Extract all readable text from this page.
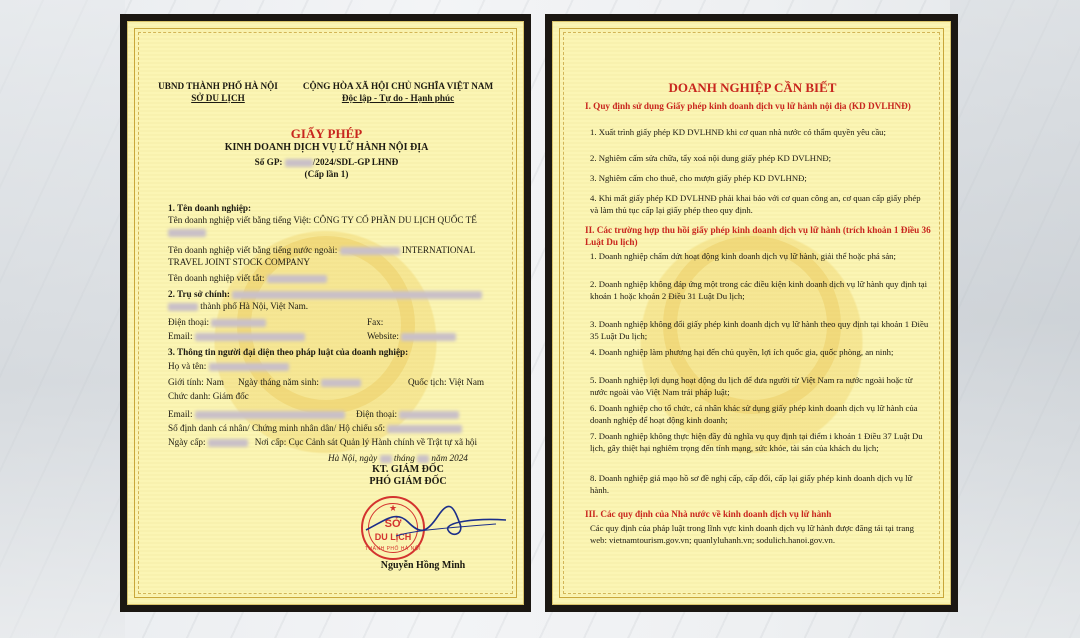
UBND THÀNH PHỐ HÀ NỘI
SỞ DU LỊCH
CỘNG HÒA XÃ HỘI CHỦ NGHĨA VIỆT NAM
Độc lập - Tự do - Hạnh phúc
GIẤY PHÉP
KINH DOANH DỊCH VỤ LỮ HÀNH NỘI ĐỊA
Số GP:	/2024/SDL-GP LHNĐ
(Cấp lần 1)
1. Tên doanh nghiệp:
Tên doanh nghiệp viết bằng tiếng Việt: CÔNG TY CỔ PHẦN DU LỊCH QUỐC TẾ
Tên doanh nghiệp viết bằng tiếng nước ngoài:	INTERNATIONAL
TRAVEL JOINT STOCK COMPANY
Tên doanh nghiệp viết tắt:
2. Trụ sở chính:
thành phố Hà Nội, Việt Nam.
Điện thoại:	Fax:
Email:	Website:
3. Thông tin người đại diện theo pháp luật của doanh nghiệp:
Họ và tên:
Giới tính: Nam Ngày tháng năm sinh:	Quốc tịch: Việt Nam
Chức danh: Giám đốc
Email:	Điện thoại:
Số định danh cá nhân/ Chứng minh nhân dân/ Hộ chiếu số:
Ngày cấp:	Nơi cấp: Cục Cảnh sát Quản lý Hành chính về Trật tự xã hội
Hà Nội, ngày tháng năm 2024
KT. GIÁM ĐỐC
PHÓ GIÁM ĐỐC
★
SỞ
DU LỊCH
THÀNH PHỐ HÀ NỘI
Nguyễn Hồng Minh
DOANH NGHIỆP CẦN BIẾT
I. Quy định sử dụng Giấy phép kinh doanh dịch vụ lữ hành nội địa (KD DVLHNĐ)
1. Xuất trình giấy phép KD DVLHNĐ khi cơ quan nhà nước có thẩm quyền yêu cầu;
2. Nghiêm cấm sửa chữa, tẩy xoá nội dung giấy phép KD DVLHNĐ;
3. Nghiêm cấm cho thuê, cho mượn giấy phép KD DVLHNĐ;
4. Khi mất giấy phép KD DVLHNĐ phải khai báo với cơ quan công an, cơ quan cấp giấy phép và làm thủ tục cấp lại giấy phép theo quy định.
II. Các trường hợp thu hồi giấy phép kinh doanh dịch vụ lữ hành (trích khoản 1 Điều 36 Luật Du lịch)
1. Doanh nghiệp chấm dứt hoạt động kinh doanh dịch vụ lữ hành, giải thể hoặc phá sản;
2. Doanh nghiệp không đáp ứng một trong các điều kiện kinh doanh dịch vụ lữ hành quy định tại khoản 1 hoặc khoản 2 Điều 31 Luật Du lịch;
3. Doanh nghiệp không đổi giấy phép kinh doanh dịch vụ lữ hành theo quy định tại khoản 1 Điều 35 Luật Du lịch;
4. Doanh nghiệp làm phương hại đến chủ quyền, lợi ích quốc gia, quốc phòng, an ninh;
5. Doanh nghiệp lợi dụng hoạt động du lịch để đưa người từ Việt Nam ra nước ngoài hoặc từ nước ngoài vào Việt Nam trái pháp luật;
6. Doanh nghiệp cho tổ chức, cá nhân khác sử dụng giấy phép kinh doanh dịch vụ lữ hành của doanh nghiệp để hoạt động kinh doanh;
7. Doanh nghiệp không thực hiện đầy đủ nghĩa vụ quy định tại điểm i khoản 1 Điều 37 Luật Du lịch, gây thiệt hại nghiêm trọng đến tính mạng, sức khỏe, tài sản của khách du lịch;
8. Doanh nghiệp giả mạo hồ sơ đề nghị cấp, cấp đổi, cấp lại giấy phép kinh doanh dịch vụ lữ hành.
III. Các quy định của Nhà nước về kinh doanh dịch vụ lữ hành
Các quy định của pháp luật trong lĩnh vực kinh doanh dịch vụ lữ hành được đăng tải tại trang web: vietnamtourism.gov.vn; quanlyluhanh.vn; sodulich.hanoi.gov.vn.
